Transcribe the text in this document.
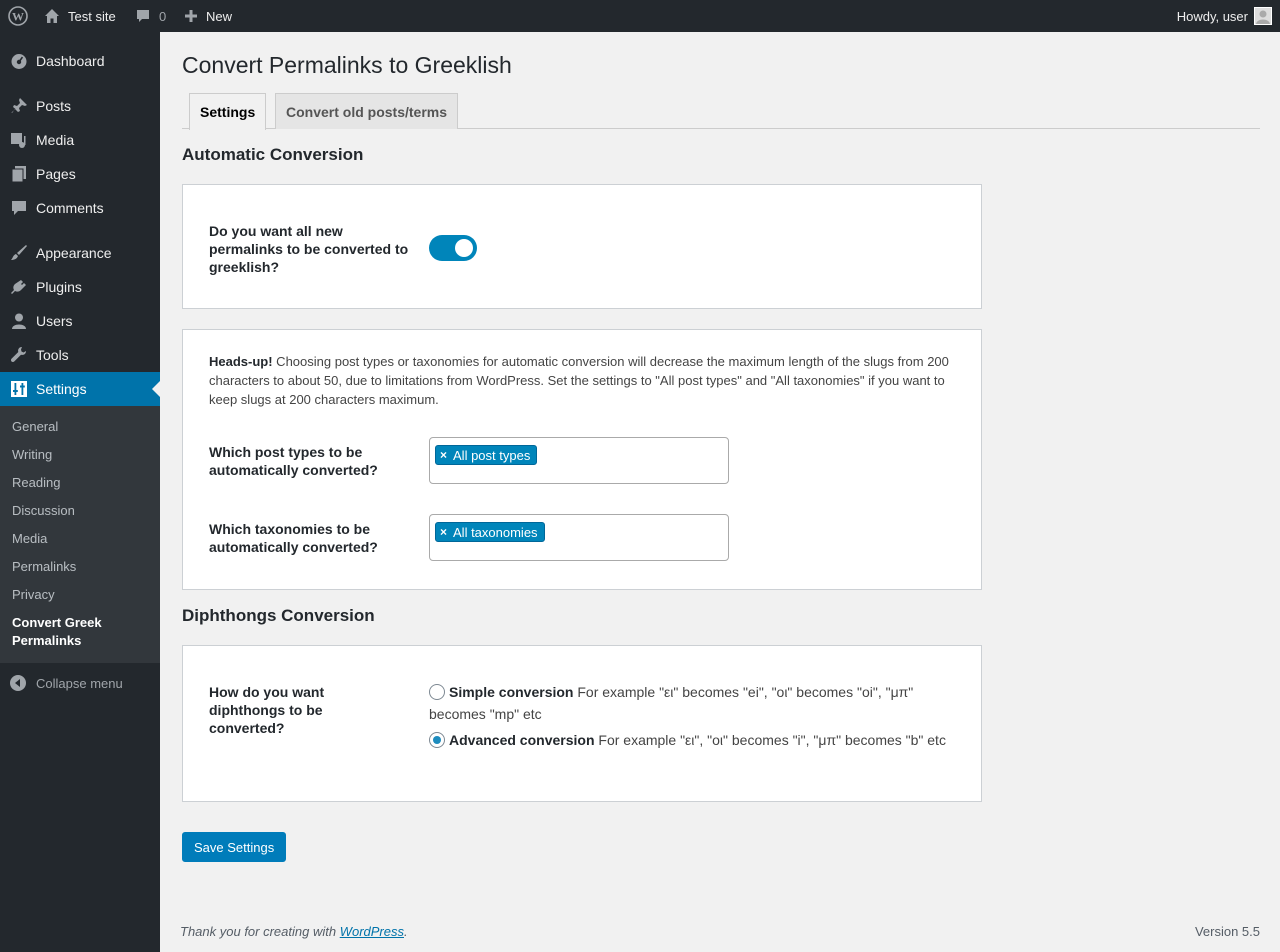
W	Test site	0	New	Howdy, user
Dashboard
Posts
Media
Pages
Comments
Appearance
Plugins
Users
Tools
Settings
General
Writing
Reading
Discussion
Media
Permalinks
Privacy
Convert Greek Permalinks
Collapse menu
Convert Permalinks to Greeklish
Settings	Convert old posts/terms
Automatic Conversion
Do you want all new permalinks to be converted to greeklish?
Heads-up! Choosing post types or taxonomies for automatic conversion will decrease the maximum length of the slugs from 200 characters to about 50, due to limitations from WordPress. Set the settings to "All post types" and "All taxonomies" if you want to keep slugs at 200 characters maximum.
Which post types to be automatically converted?
× All post types
Which taxonomies to be automatically converted?
× All taxonomies
Diphthongs Conversion
How do you want diphthongs to be converted?
Simple conversion For example "ει" becomes "ei", "οι" becomes "oi", "μπ" becomes "mp" etc
Advanced conversion For example "ει", "οι" becomes "i", "μπ" becomes "b" etc
Save Settings
Thank you for creating with WordPress.	Version 5.5
